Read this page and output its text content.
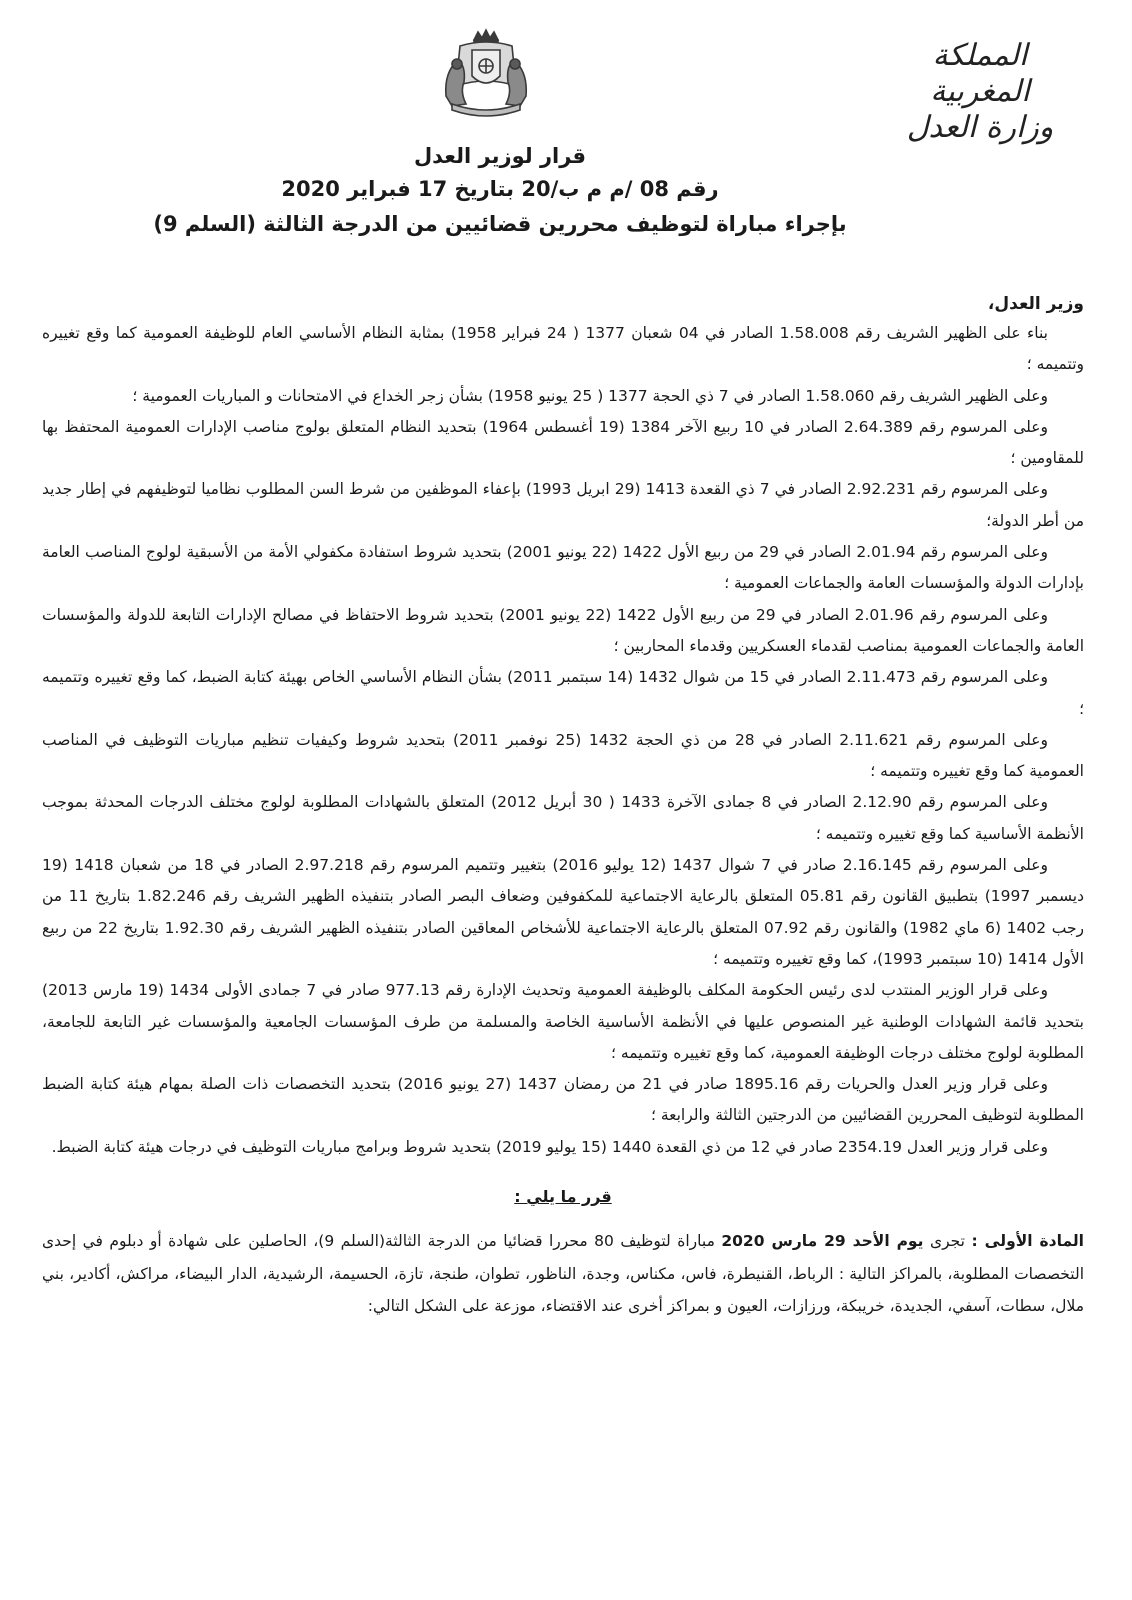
المملكة المغربية
وزارة العدل
قرار لوزير العدل
رقم 08 /م م ب/20 بتاريخ 17 فبراير 2020
بإجراء مباراة لتوظيف محررين قضائيين من الدرجة الثالثة (السلم 9)

وزير العدل،

بناء على الظهير الشريف رقم 1.58.008 الصادر في 04 شعبان 1377 ( 24 فبراير 1958) بمثابة النظام الأساسي العام للوظيفة العمومية كما وقع تغييره وتتميمه ؛

وعلى الظهير الشريف رقم 1.58.060 الصادر في 7 ذي الحجة 1377 ( 25 يونيو 1958) بشأن زجر الخداع في الامتحانات و المباريات العمومية ؛

وعلى المرسوم رقم 2.64.389 الصادر في 10 ربيع الآخر 1384 (19 أغسطس 1964) بتحديد النظام المتعلق بولوج مناصب الإدارات العمومية المحتفظ بها للمقاومين ؛

وعلى المرسوم رقم 2.92.231 الصادر في 7 ذي القعدة 1413 (29 ابريل 1993) بإعفاء الموظفين من شرط السن المطلوب نظاميا لتوظيفهم في إطار جديد من أطر الدولة؛

وعلى المرسوم رقم 2.01.94 الصادر في 29 من ربيع الأول 1422 (22 يونيو 2001) بتحديد شروط استفادة مكفولي الأمة من الأسبقية لولوج المناصب العامة بإدارات الدولة والمؤسسات العامة والجماعات العمومية ؛

وعلى المرسوم رقم 2.01.96 الصادر في 29 من ربيع الأول 1422 (22 يونيو 2001) بتحديد شروط الاحتفاظ في مصالح الإدارات التابعة للدولة والمؤسسات العامة والجماعات العمومية بمناصب لقدماء العسكريين وقدماء المحاربين ؛

وعلى المرسوم رقم 2.11.473 الصادر في 15 من شوال 1432 (14 سبتمبر 2011) بشأن النظام الأساسي الخاص بهيئة كتابة الضبط، كما وقع تغييره وتتميمه ؛

وعلى المرسوم رقم 2.11.621 الصادر في 28 من ذي الحجة 1432 (25 نوفمبر 2011) بتحديد شروط وكيفيات تنظيم مباريات التوظيف في المناصب العمومية كما وقع تغييره وتتميمه ؛

وعلى المرسوم رقم 2.12.90 الصادر في 8 جمادى الآخرة 1433 ( 30 أبريل 2012) المتعلق بالشهادات المطلوبة لولوج مختلف الدرجات المحدثة بموجب الأنظمة الأساسية كما وقع تغييره وتتميمه ؛

وعلى المرسوم رقم 2.16.145 صادر في 7 شوال 1437 (12 يوليو 2016) بتغيير وتتميم المرسوم رقم 2.97.218 الصادر في 18 من شعبان 1418 (19 ديسمبر 1997) بتطبيق القانون رقم 05.81 المتعلق بالرعاية الاجتماعية للمكفوفين وضعاف البصر الصادر بتنفيذه الظهير الشريف رقم 1.82.246 بتاريخ 11 من رجب 1402 (6 ماي 1982) والقانون رقم 07.92 المتعلق بالرعاية الاجتماعية للأشخاص المعاقين الصادر بتنفيذه الظهير الشريف رقم 1.92.30 بتاريخ 22 من ربيع الأول 1414 (10 سبتمبر 1993)، كما وقع تغييره وتتميمه ؛

وعلى قرار الوزير المنتدب لدى رئيس الحكومة المكلف بالوظيفة العمومية وتحديث الإدارة رقم 977.13 صادر في 7 جمادى الأولى 1434 (19 مارس 2013) بتحديد قائمة الشهادات الوطنية غير المنصوص عليها في الأنظمة الأساسية الخاصة والمسلمة من طرف المؤسسات الجامعية والمؤسسات غير التابعة للجامعة، المطلوبة لولوج مختلف درجات الوظيفة العمومية، كما وقع تغييره وتتميمه ؛

وعلى قرار وزير العدل والحريات رقم 1895.16 صادر في 21 من رمضان 1437 (27 يونيو 2016) بتحديد التخصصات ذات الصلة بمهام هيئة كتابة الضبط المطلوبة لتوظيف المحررين القضائيين من الدرجتين الثالثة والرابعة ؛

وعلى قرار وزير العدل 2354.19 صادر في 12 من ذي القعدة 1440 (15 يوليو 2019) بتحديد شروط وبرامج مباريات التوظيف في درجات هيئة كتابة الضبط.

قرر ما يلي :

المادة الأولى : تجرى يوم الأحد 29 مارس 2020 مباراة لتوظيف 80 محررا قضائيا من الدرجة الثالثة(السلم 9)، الحاصلين على شهادة أو دبلوم في إحدى التخصصات المطلوبة، بالمراكز التالية : الرباط، القنيطرة، فاس، مكناس، وجدة، الناظور، تطوان، طنجة، تازة، الحسيمة، الرشيدية، الدار البيضاء، مراكش، أكادير، بني ملال، سطات، آسفي، الجديدة، خريبكة، ورزازات، العيون و بمراكز أخرى عند الاقتضاء، موزعة على الشكل التالي:
